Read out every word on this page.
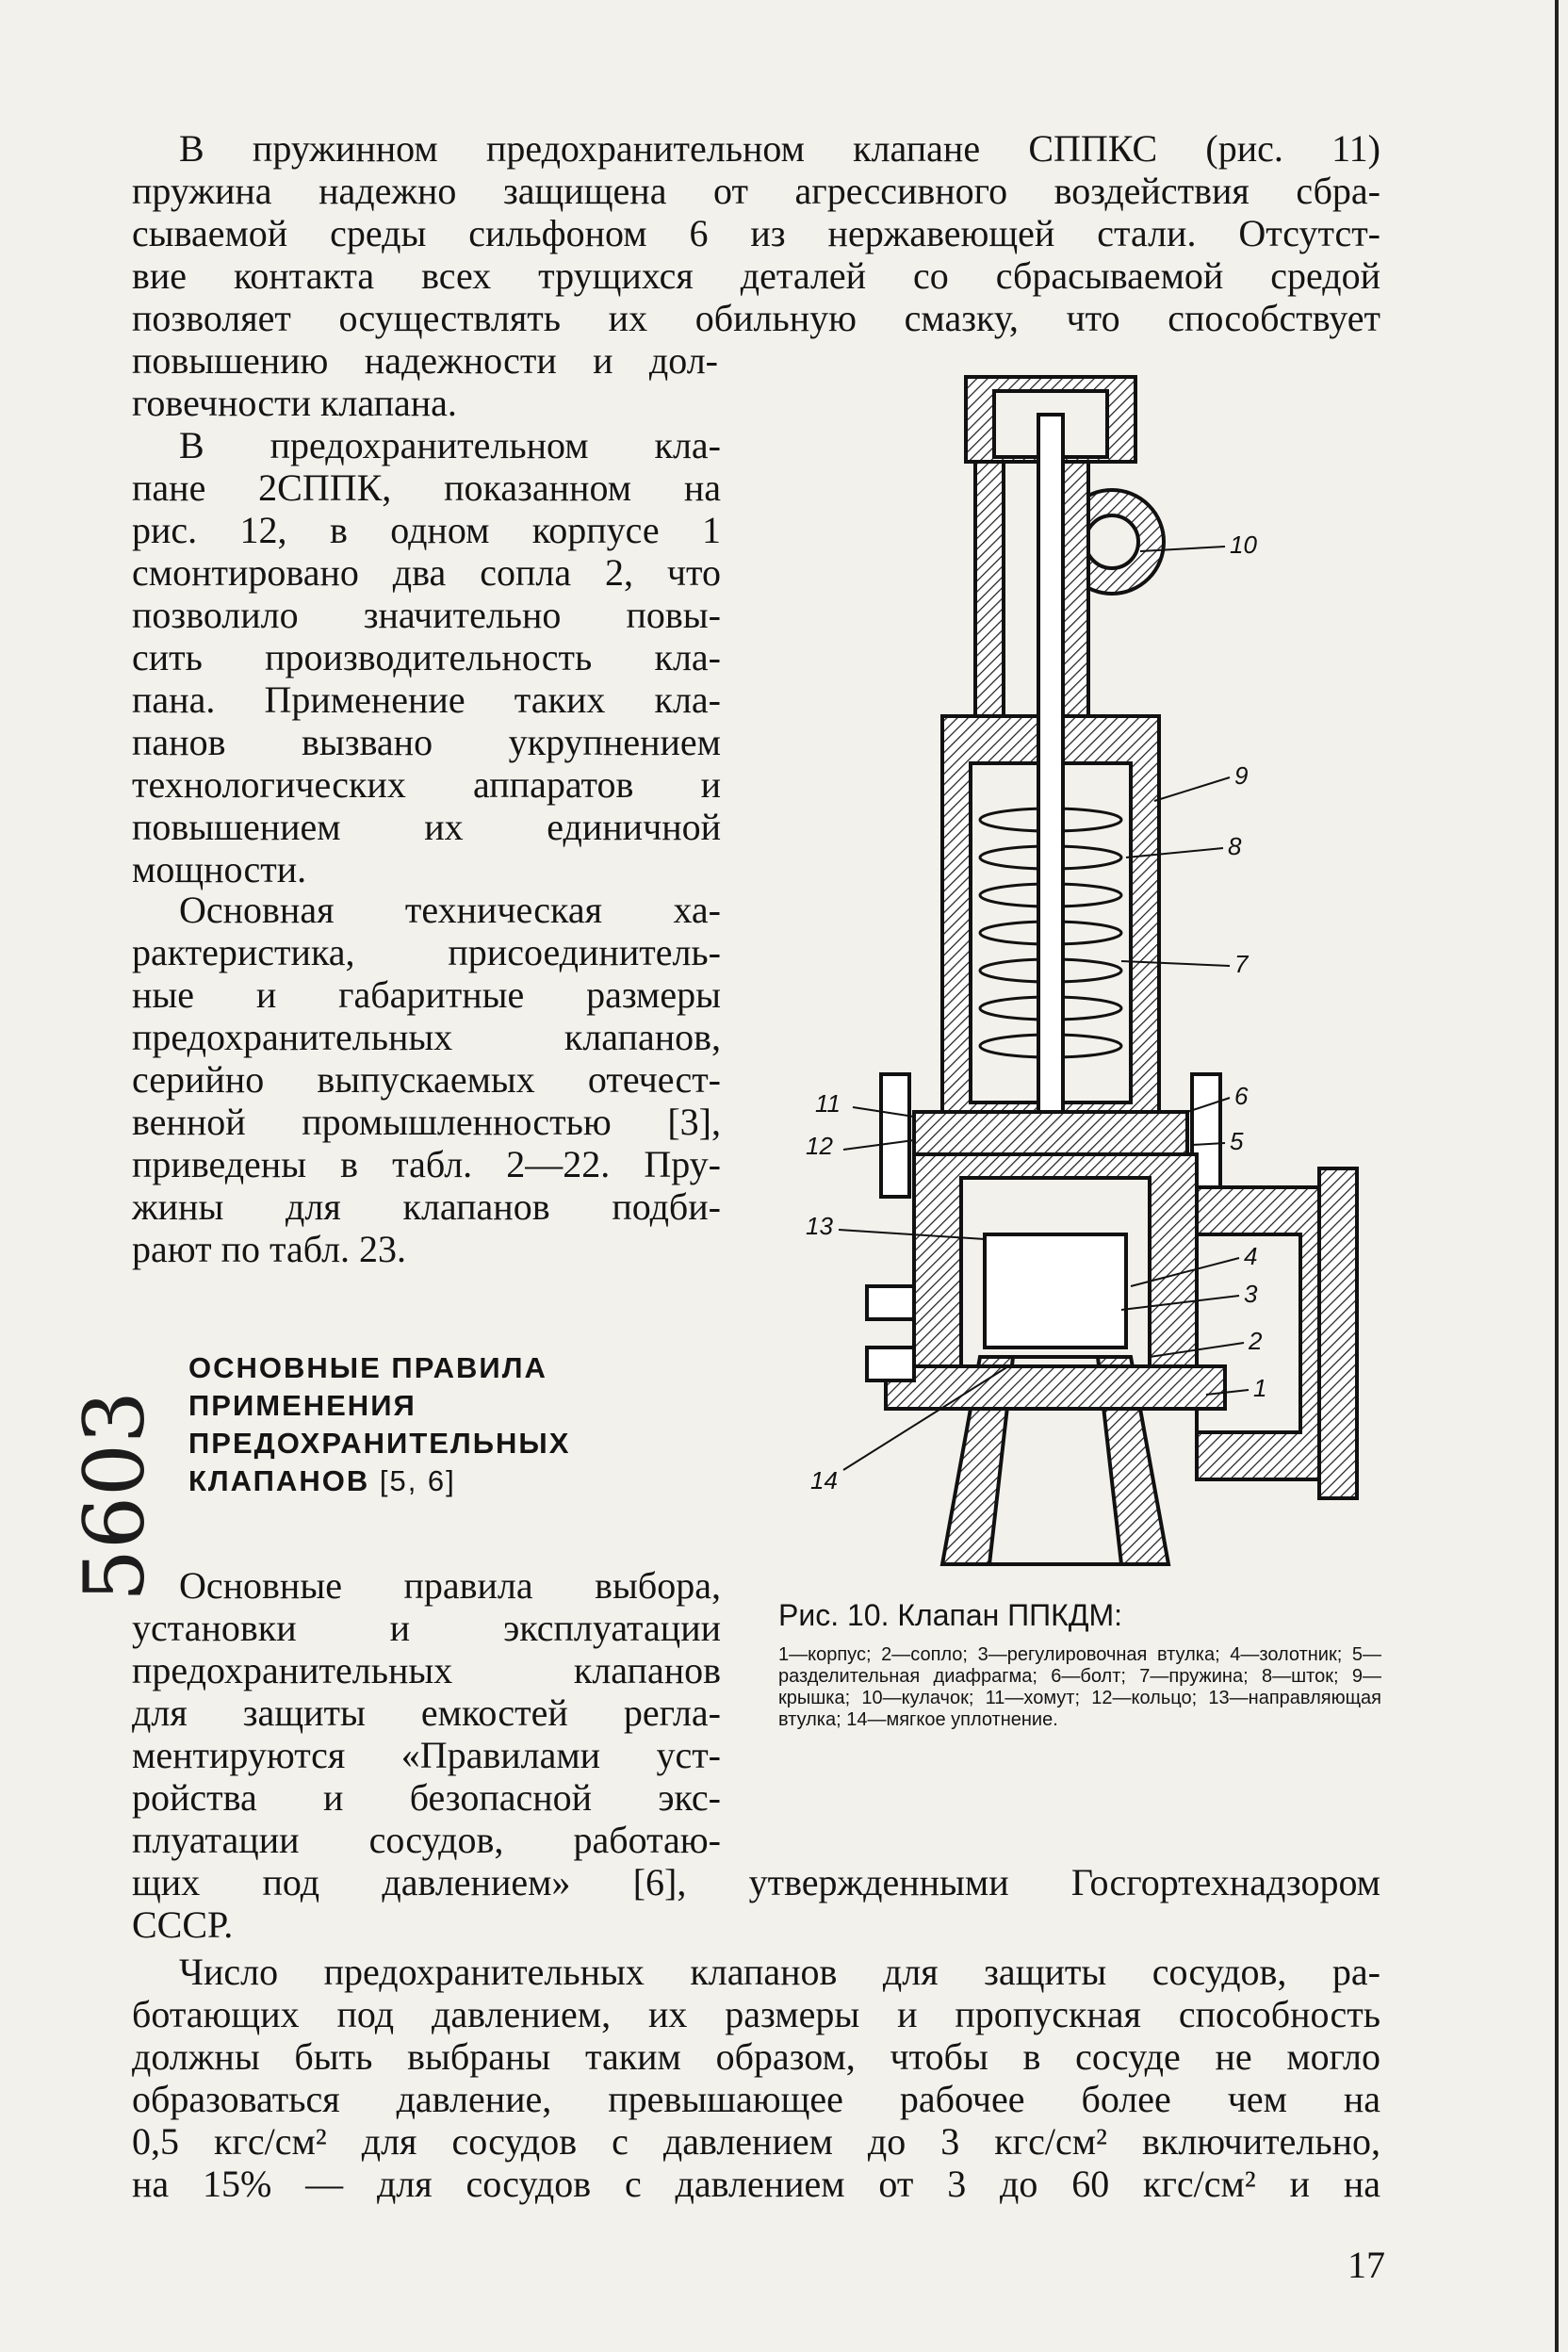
В пружинном предохранительном клапане СППКС (рис. 11)
пружина надежно защищена от агрессивного воздействия сбра-
сываемой среды сильфоном 6 из нержавеющей стали. Отсутст-
вие контакта всех трущихся деталей со сбрасываемой средой
позволяет осуществлять их обильную смазку, что способствует
повышению надежности и дол-
говечности клапана.
В предохранительном кла-
пане 2СППК, показанном на
рис. 12, в одном корпусе 1
смонтировано два сопла 2, что
позволило значительно повы-
сить производительность кла-
пана. Применение таких кла-
панов вызвано укрупнением
технологических аппаратов и
повышением их единичной
мощности.
Основная техническая ха-
рактеристика, присоединитель-
ные и габаритные размеры
предохранительных клапанов,
серийно выпускаемых отечест-
венной промышленностью [3],
приведены в табл. 2—22. Пру-
жины для клапанов подби-
рают по табл. 23.
5603
ОСНОВНЫЕ ПРАВИЛА
ПРИМЕНЕНИЯ
ПРЕДОХРАНИТЕЛЬНЫХ
КЛАПАНОВ [5, 6]
Основные правила выбора,
установки и эксплуатации
предохранительных клапанов
для защиты емкостей регла-
ментируются «Правилами уст-
ройства и безопасной экс-
плуатации сосудов, работаю-
щих под давлением» [6], утвержденными Госгортехнадзором
СССР.
Число предохранительных клапанов для защиты сосудов, ра-
ботающих под давлением, их размеры и пропускная способность
должны быть выбраны таким образом, чтобы в сосуде не могло
образоваться давление, превышающее рабочее более чем на
0,5 кгс/см² для сосудов с давлением до 3 кгс/см² включительно,
на 15% — для сосудов с давлением от 3 до 60 кгс/см² и на
10
9
8
7
6
5
11
12
13
4
3
2
1
14
Рис. 10. Клапан ППКДМ:
1—корпус; 2—сопло; 3—регулировочная втулка; 4—золотник; 5—разделительная диафрагма; 6—болт; 7—пружина; 8—шток; 9—крышка; 10—кулачок; 11—хомут; 12—кольцо; 13—направляющая втулка; 14—мягкое уплотнение.
17
